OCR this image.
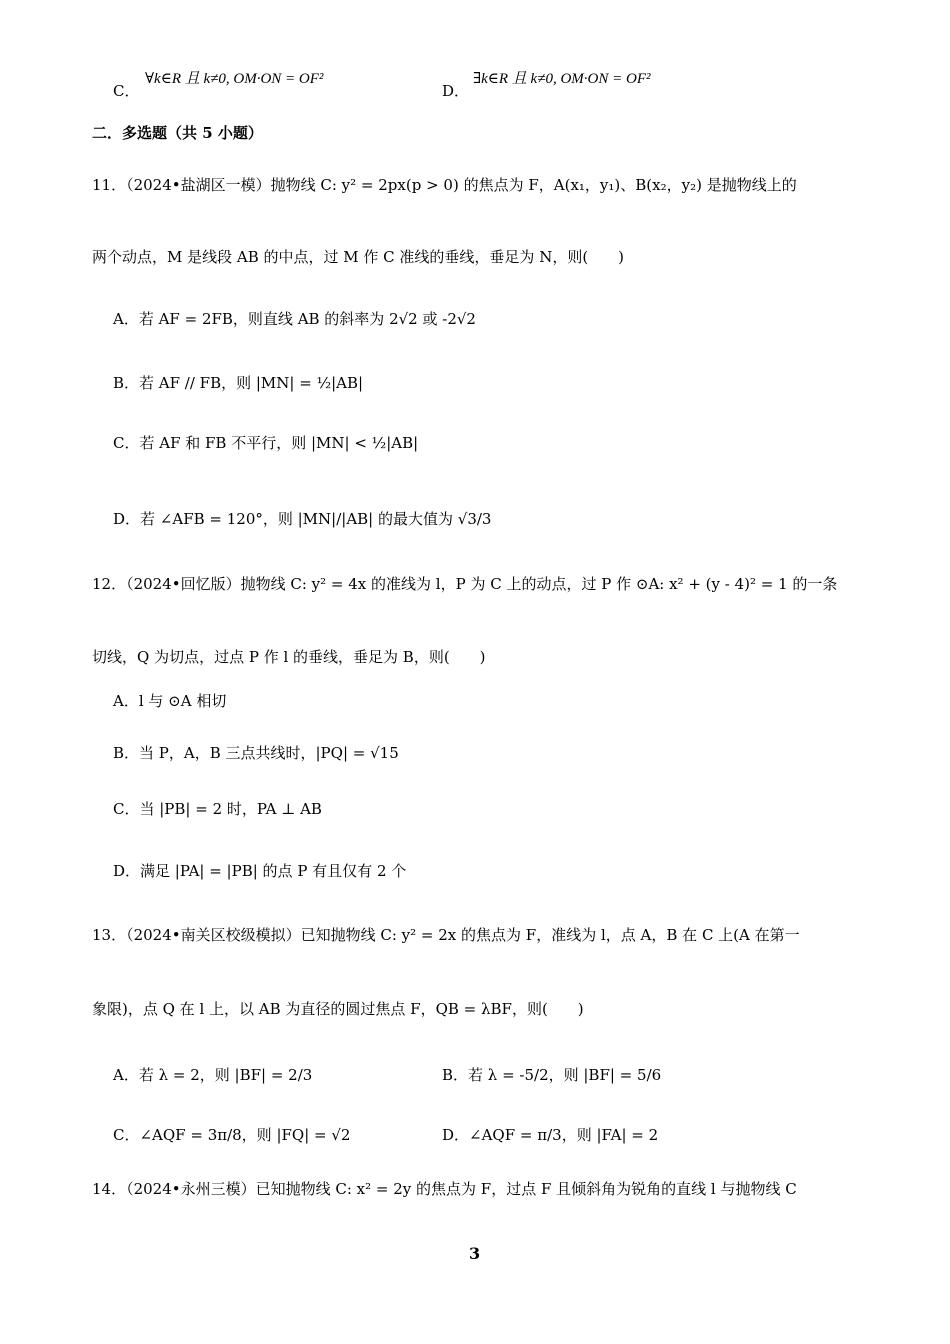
C．
∀k∈R 且 k≠0, OM·ON = OF²
D．
∃k∈R 且 k≠0, OM·ON = OF²
二．多选题（共 5 小题）
11．（2024•盐湖区一模）抛物线 C: y² = 2px(p > 0) 的焦点为 F，A(x₁，y₁)、B(x₂，y₂) 是抛物线上的
两个动点，M 是线段 AB 的中点，过 M 作 C 准线的垂线，垂足为 N，则(　　)
A．若 AF = 2FB，则直线 AB 的斜率为 2√2 或 -2√2
B．若 AF // FB，则 |MN| = ½|AB|
C．若 AF 和 FB 不平行，则 |MN| < ½|AB|
D．若 ∠AFB = 120°，则 |MN|/|AB| 的最大值为 √3/3
12．（2024•回忆版）抛物线 C: y² = 4x 的准线为 l，P 为 C 上的动点，过 P 作 ⊙A: x² + (y - 4)² = 1 的一条
切线，Q 为切点，过点 P 作 l 的垂线，垂足为 B，则(　　)
A．l 与 ⊙A 相切
B．当 P，A，B 三点共线时，|PQ| = √15
C．当 |PB| = 2 时，PA ⊥ AB
D．满足 |PA| = |PB| 的点 P 有且仅有 2 个
13．（2024•南关区校级模拟）已知抛物线 C: y² = 2x 的焦点为 F，准线为 l，点 A，B 在 C 上(A 在第一
象限)，点 Q 在 l 上，以 AB 为直径的圆过焦点 F，QB = λBF，则(　　)
A．若 λ = 2，则 |BF| = 2/3	B．若 λ = -5/2，则 |BF| = 5/6
C．∠AQF = 3π/8，则 |FQ| = √2	D．∠AQF = π/3，则 |FA| = 2
14．（2024•永州三模）已知抛物线 C: x² = 2y 的焦点为 F，过点 F 且倾斜角为锐角的直线 l 与抛物线 C
3
